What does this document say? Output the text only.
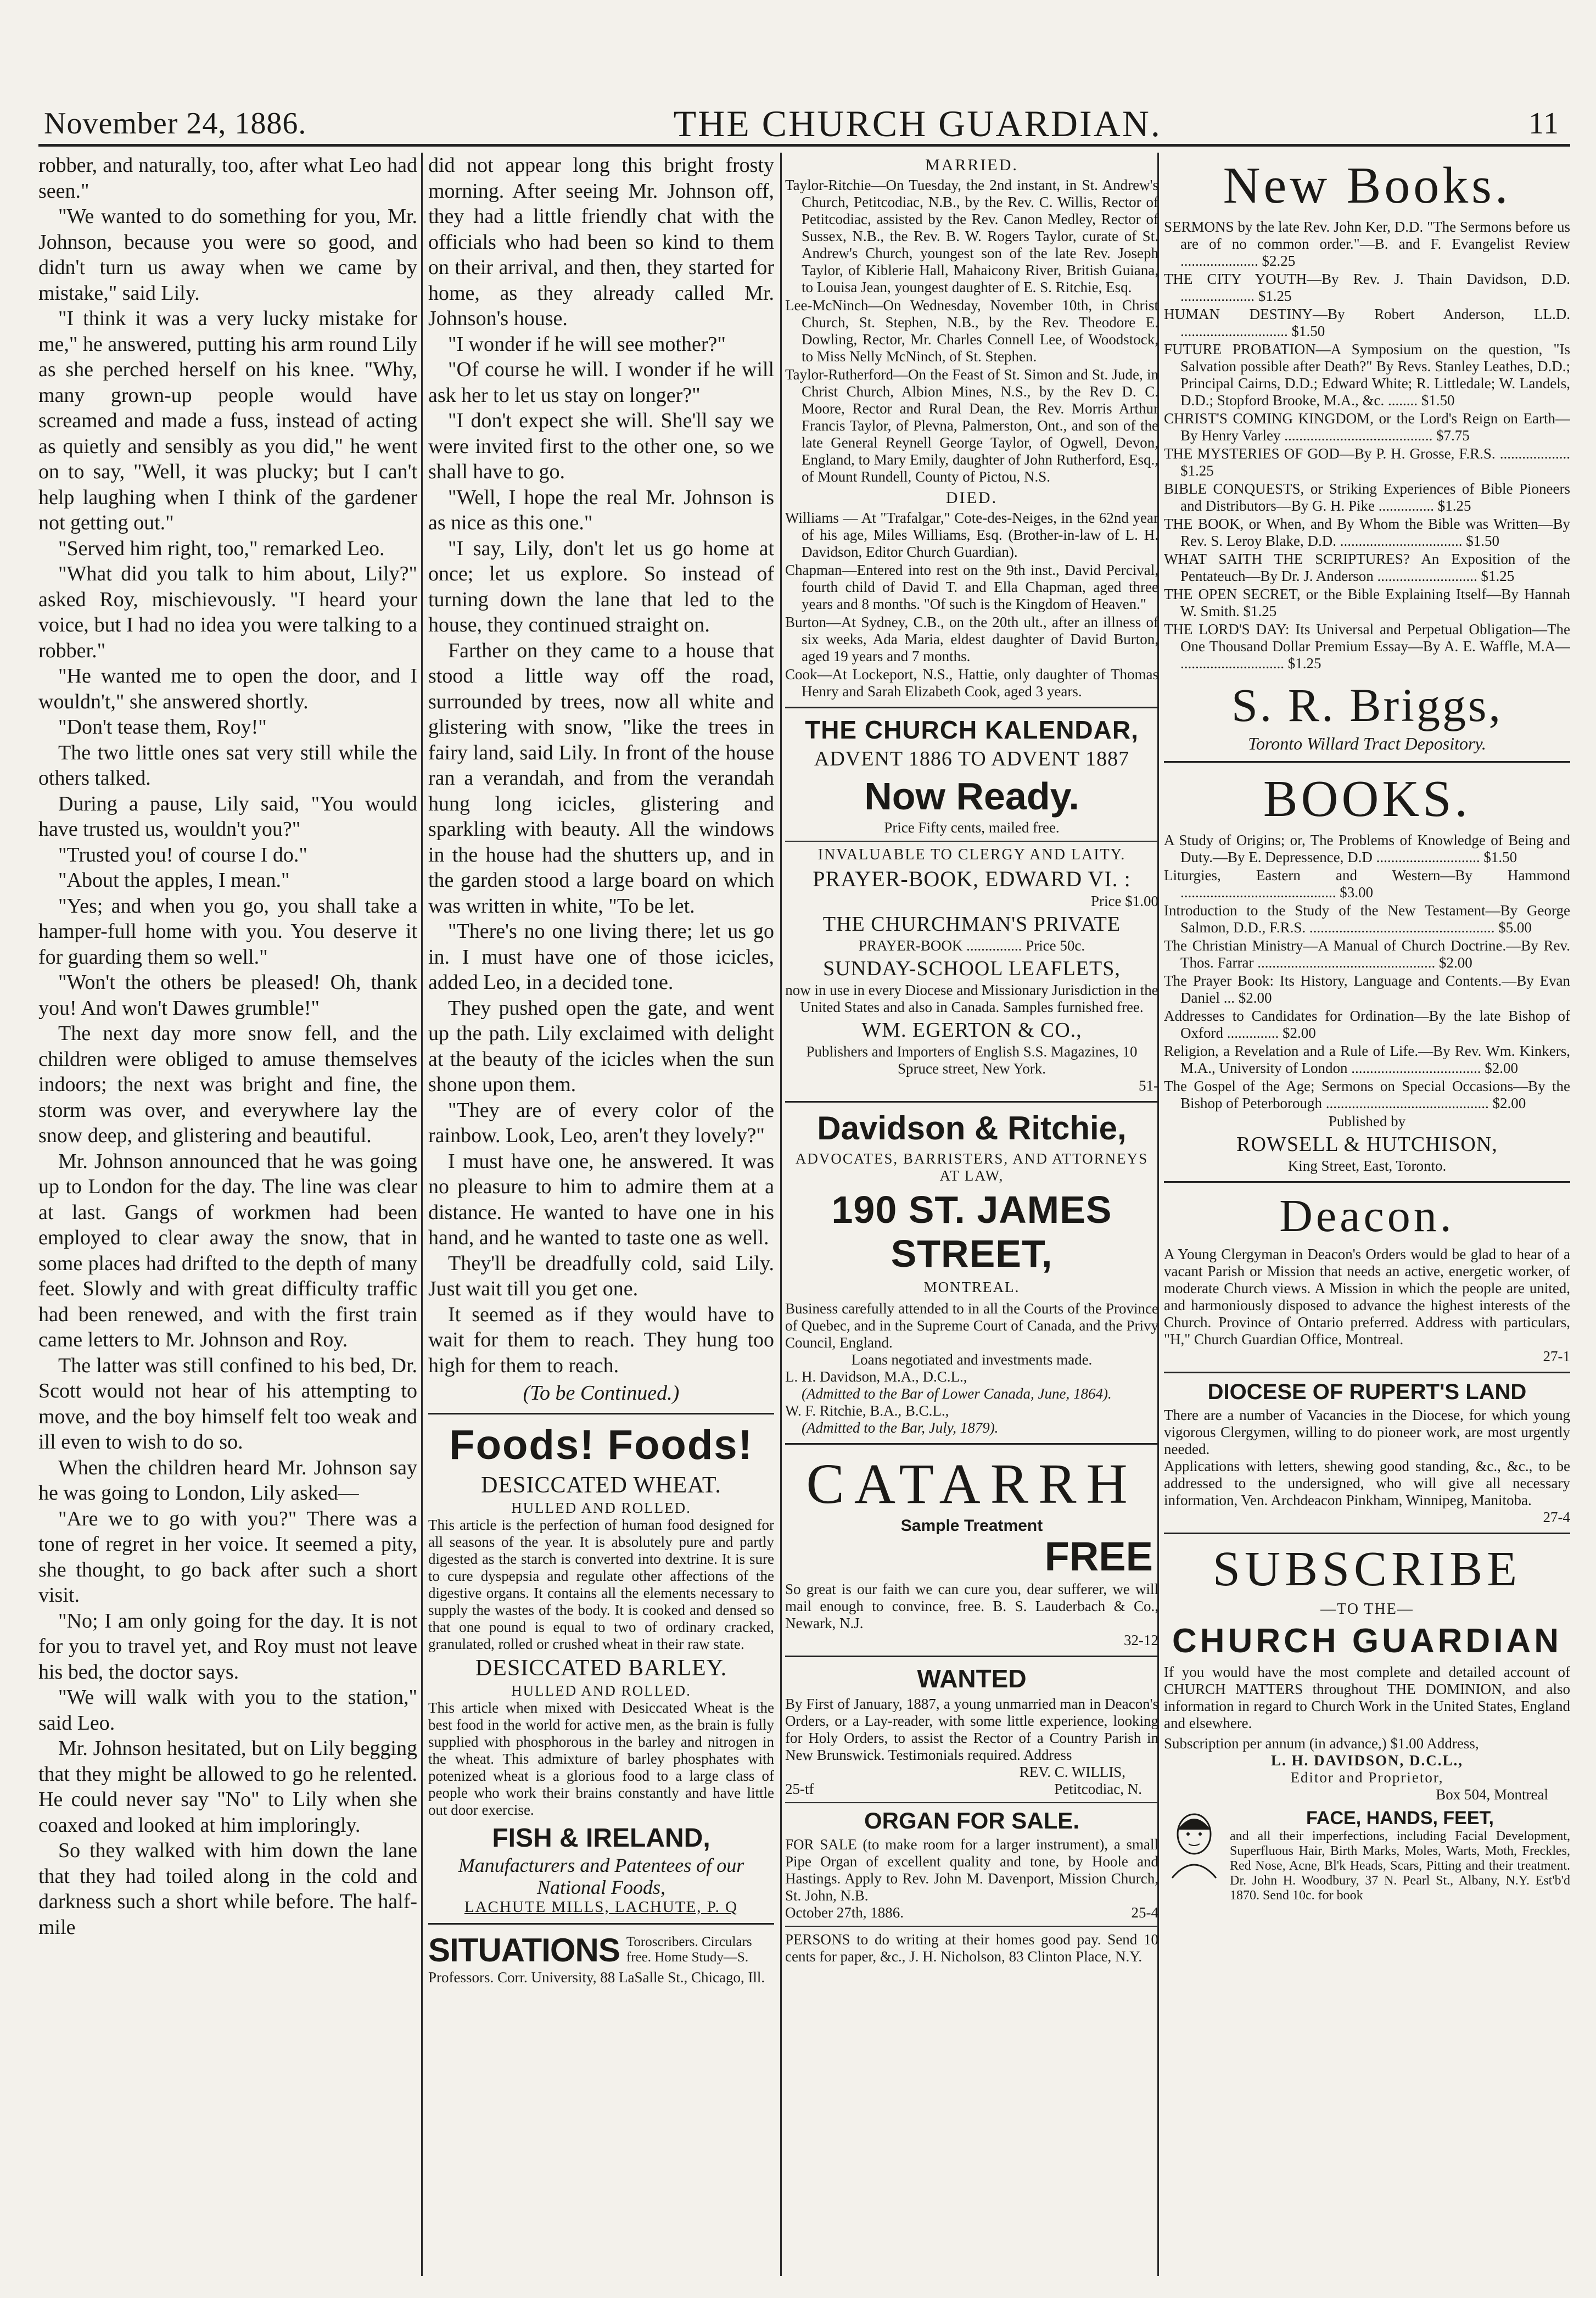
November 24, 1886.	THE CHURCH GUARDIAN.	11

robber, and naturally, too, after what Leo had seen."

"We wanted to do something for you, Mr. Johnson, because you were so good, and didn't turn us away when we came by mistake," said Lily.

"I think it was a very lucky mistake for me," he answered, putting his arm round Lily as she perched herself on his knee. "Why, many grown-up people would have screamed and made a fuss, instead of acting as quietly and sensibly as you did," he went on to say, "Well, it was plucky; but I can't help laughing when I think of the gardener not getting out."

"Served him right, too," remarked Leo.

"What did you talk to him about, Lily?" asked Roy, mischievously. "I heard your voice, but I had no idea you were talking to a robber."

"He wanted me to open the door, and I wouldn't," she answered shortly.

"Don't tease them, Roy!"

The two little ones sat very still while the others talked.

During a pause, Lily said, "You would have trusted us, wouldn't you?"

"Trusted you! of course I do."

"About the apples, I mean."

"Yes; and when you go, you shall take a hamper-full home with you. You deserve it for guarding them so well."

"Won't the others be pleased! Oh, thank you! And won't Dawes grumble!"

The next day more snow fell, and the children were obliged to amuse themselves indoors; the next was bright and fine, the storm was over, and everywhere lay the snow deep, and glistering and beautiful.

Mr. Johnson announced that he was going up to London for the day. The line was clear at last. Gangs of workmen had been employed to clear away the snow, that in some places had drifted to the depth of many feet. Slowly and with great difficulty traffic had been renewed, and with the first train came letters to Mr. Johnson and Roy.

The latter was still confined to his bed, Dr. Scott would not hear of his attempting to move, and the boy himself felt too weak and ill even to wish to do so.

When the children heard Mr. Johnson say he was going to London, Lily asked—

"Are we to go with you?" There was a tone of regret in her voice. It seemed a pity, she thought, to go back after such a short visit.

"No; I am only going for the day. It is not for you to travel yet, and Roy must not leave his bed, the doctor says.

"We will walk with you to the station," said Leo.

Mr. Johnson hesitated, but on Lily begging that they might be allowed to go he relented. He could never say "No" to Lily when she coaxed and looked at him imploringly.

So they walked with him down the lane that they had toiled along in the cold and darkness such a short while before. The half-mile

did not appear long this bright frosty morning. After seeing Mr. Johnson off, they had a little friendly chat with the officials who had been so kind to them on their arrival, and then, they started for home, as they already called Mr. Johnson's house.

"I wonder if he will see mother?"

"Of course he will. I wonder if he will ask her to let us stay on longer?"

"I don't expect she will. She'll say we were invited first to the other one, so we shall have to go.

"Well, I hope the real Mr. Johnson is as nice as this one."

"I say, Lily, don't let us go home at once; let us explore. So instead of turning down the lane that led to the house, they continued straight on.

Farther on they came to a house that stood a little way off the road, surrounded by trees, now all white and glistering with snow, "like the trees in fairy land, said Lily. In front of the house ran a verandah, and from the verandah hung long icicles, glistering and sparkling with beauty. All the windows in the house had the shutters up, and in the garden stood a large board on which was written in white, "To be let.

"There's no one living there; let us go in. I must have one of those icicles, added Leo, in a decided tone.

They pushed open the gate, and went up the path. Lily exclaimed with delight at the beauty of the icicles when the sun shone upon them.

"They are of every color of the rainbow. Look, Leo, aren't they lovely?"

I must have one, he answered. It was no pleasure to him to admire them at a distance. He wanted to have one in his hand, and he wanted to taste one as well.

They'll be dreadfully cold, said Lily. Just wait till you get one.

It seemed as if they would have to wait for them to reach. They hung too high for them to reach.

(To be Continued.)

Foods! Foods!
DESICCATED WHEAT.
HULLED AND ROLLED.

This article is the perfection of human food designed for all seasons of the year. It is absolutely pure and partly digested as the starch is converted into dextrine. It is sure to cure dyspepsia and regulate other affections of the digestive organs. It contains all the elements necessary to supply the wastes of the body. It is cooked and densed so that one pound is equal to two of ordinary cracked, granulated, rolled or crushed wheat in their raw state.

DESICCATED BARLEY.
HULLED AND ROLLED.

This article when mixed with Desiccated Wheat is the best food in the world for active men, as the brain is fully supplied with phosphorous in the barley and nitrogen in the wheat. This admixture of barley phosphates with potenized wheat is a glorious food to a large class of people who work their brains constantly and have little out door exercise.

FISH & IRELAND,
Manufacturers and Patentees of our National Foods,
LACHUTE MILLS, LACHUTE, P. Q
SITUATIONS Toroscribers. Circulars free. Home Study—S.

Professors. Corr. University, 88 LaSalle St., Chicago, Ill.

MARRIED.

Taylor-Ritchie—On Tuesday, the 2nd instant, in St. Andrew's Church, Petitcodiac, N.B., by the Rev. C. Willis, Rector of Petitcodiac, assisted by the Rev. Canon Medley, Rector of Sussex, N.B., the Rev. B. W. Rogers Taylor, curate of St. Andrew's Church, youngest son of the late Rev. Joseph Taylor, of Kiblerie Hall, Mahaicony River, British Guiana, to Louisa Jean, youngest daughter of E. S. Ritchie, Esq.

Lee-McNinch—On Wednesday, November 10th, in Christ Church, St. Stephen, N.B., by the Rev. Theodore E. Dowling, Rector, Mr. Charles Connell Lee, of Woodstock, to Miss Nelly McNinch, of St. Stephen.

Taylor-Rutherford—On the Feast of St. Simon and St. Jude, in Christ Church, Albion Mines, N.S., by the Rev D. C. Moore, Rector and Rural Dean, the Rev. Morris Arthur Francis Taylor, of Plevna, Palmerston, Ont., and son of the late General Reynell George Taylor, of Ogwell, Devon, England, to Mary Emily, daughter of John Rutherford, Esq., of Mount Rundell, County of Pictou, N.S.

DIED.

Williams — At "Trafalgar," Cote-des-Neiges, in the 62nd year of his age, Miles Williams, Esq. (Brother-in-law of L. H. Davidson, Editor Church Guardian).

Chapman—Entered into rest on the 9th inst., David Percival, fourth child of David T. and Ella Chapman, aged three years and 8 months. "Of such is the Kingdom of Heaven."

Burton—At Sydney, C.B., on the 20th ult., after an illness of six weeks, Ada Maria, eldest daughter of David Burton, aged 19 years and 7 months.

Cook—At Lockeport, N.S., Hattie, only daughter of Thomas Henry and Sarah Elizabeth Cook, aged 3 years.

THE CHURCH KALENDAR,
ADVENT 1886 TO ADVENT 1887
Now Ready.
Price Fifty cents, mailed free.
INVALUABLE TO CLERGY AND LAITY.
PRAYER-BOOK, EDWARD VI. :
Price $1.00
THE CHURCHMAN'S PRIVATE
PRAYER-BOOK ............... Price 50c.
SUNDAY-SCHOOL LEAFLETS,

now in use in every Diocese and Missionary Jurisdiction in the United States and also in Canada. Samples furnished free.

WM. EGERTON & CO.,

Publishers and Importers of English S.S. Magazines, 10 Spruce street, New York.

51-
Davidson & Ritchie,
ADVOCATES, BARRISTERS, AND ATTORNEYS AT LAW,
190 ST. JAMES STREET,
MONTREAL.

Business carefully attended to in all the Courts of the Province of Quebec, and in the Supreme Court of Canada, and the Privy Council, England.

Loans negotiated and investments made.

L. H. Davidson, M.A., D.C.L.,

(Admitted to the Bar of Lower Canada, June, 1864).

W. F. Ritchie, B.A., B.C.L.,

(Admitted to the Bar, July, 1879).

CATARRH
Sample Treatment
FREE

So great is our faith we can cure you, dear sufferer, we will mail enough to convince, free. B. S. Lauderbach & Co., Newark, N.J.

32-12
WANTED

By First of January, 1887, a young unmarried man in Deacon's Orders, or a Lay-reader, with some little experience, looking for Holy Orders, to assist the Rector of a Country Parish in New Brunswick. Testimonials required. Address

REV. C. WILLIS,
25-tf	Petitcodiac, N.
ORGAN FOR SALE.

FOR SALE (to make room for a larger instrument), a small Pipe Organ of excellent quality and tone, by Hoole and Hastings. Apply to Rev. John M. Davenport, Mission Church, St. John, N.B.

October 27th, 1886.	25-4

PERSONS to do writing at their homes good pay. Send 10 cents for paper, &c., J. H. Nicholson, 83 Clinton Place, N.Y.

New Books.

SERMONS by the late Rev. John Ker, D.D. "The Sermons before us are of no common order."—B. and F. Evangelist Review ..................... $2.25

THE CITY YOUTH—By Rev. J. Thain Davidson, D.D. .................... $1.25

HUMAN DESTINY—By Robert Anderson, LL.D. ............................. $1.50

FUTURE PROBATION—A Symposium on the question, "Is Salvation possible after Death?" By Revs. Stanley Leathes, D.D.; Principal Cairns, D.D.; Edward White; R. Littledale; W. Landels, D.D.; Stopford Brooke, M.A., &c. ........ $1.50

CHRIST'S COMING KINGDOM, or the Lord's Reign on Earth—By Henry Varley ........................................ $7.75

THE MYSTERIES OF GOD—By P. H. Grosse, F.R.S. ................... $1.25

BIBLE CONQUESTS, or Striking Experiences of Bible Pioneers and Distributors—By G. H. Pike ............... $1.25

THE BOOK, or When, and By Whom the Bible was Written—By Rev. S. Leroy Blake, D.D. ................................. $1.50

WHAT SAITH THE SCRIPTURES? An Exposition of the Pentateuch—By Dr. J. Anderson ........................... $1.25

THE OPEN SECRET, or the Bible Explaining Itself—By Hannah W. Smith. $1.25

THE LORD'S DAY: Its Universal and Perpetual Obligation—The One Thousand Dollar Premium Essay—By A. E. Waffle, M.A— ............................ $1.25

S. R. Briggs,
Toronto Willard Tract Depository.
BOOKS.

A Study of Origins; or, The Problems of Knowledge of Being and Duty.—By E. Depressence, D.D ............................ $1.50

Liturgies, Eastern and Western—By Hammond .......................................... $3.00

Introduction to the Study of the New Testament—By George Salmon, D.D., F.R.S. .................................................. $5.00

The Christian Ministry—A Manual of Church Doctrine.—By Rev. Thos. Farrar ................................................ $2.00

The Prayer Book: Its History, Language and Contents.—By Evan Daniel ... $2.00

Addresses to Candidates for Ordination—By the late Bishop of Oxford .............. $2.00

Religion, a Revelation and a Rule of Life.—By Rev. Wm. Kinkers, M.A., University of London ................................... $2.00

The Gospel of the Age; Sermons on Special Occasions—By the Bishop of Peterborough ............................................ $2.00

Published by
ROWSELL & HUTCHISON,
King Street, East, Toronto.
Deacon.

A Young Clergyman in Deacon's Orders would be glad to hear of a vacant Parish or Mission that needs an active, energetic worker, of moderate Church views. A Mission in which the people are united, and harmoniously disposed to advance the highest interests of the Church. Province of Ontario preferred. Address with particulars, "H," Church Guardian Office, Montreal.

27-1
DIOCESE OF RUPERT'S LAND

There are a number of Vacancies in the Diocese, for which young vigorous Clergymen, willing to do pioneer work, are most urgently needed.

Applications with letters, shewing good standing, &c., &c., to be addressed to the undersigned, who will give all necessary information, Ven. Archdeacon Pinkham, Winnipeg, Manitoba.

27-4
SUBSCRIBE
—TO THE—
CHURCH GUARDIAN

If you would have the most complete and detailed account of CHURCH MATTERS throughout THE DOMINION, and also information in regard to Church Work in the United States, England and elsewhere.

Subscription per annum (in advance,) $1.00 Address,

L. H. DAVIDSON, D.C.L.,
Editor and Proprietor,
Box 504, Montreal
FACE, HANDS, FEET,

and all their imperfections, including Facial Development, Superfluous Hair, Birth Marks, Moles, Warts, Moth, Freckles, Red Nose, Acne, Bl'k Heads, Scars, Pitting and their treatment. Dr. John H. Woodbury, 37 N. Pearl St., Albany, N.Y. Est'b'd 1870. Send 10c. for book
